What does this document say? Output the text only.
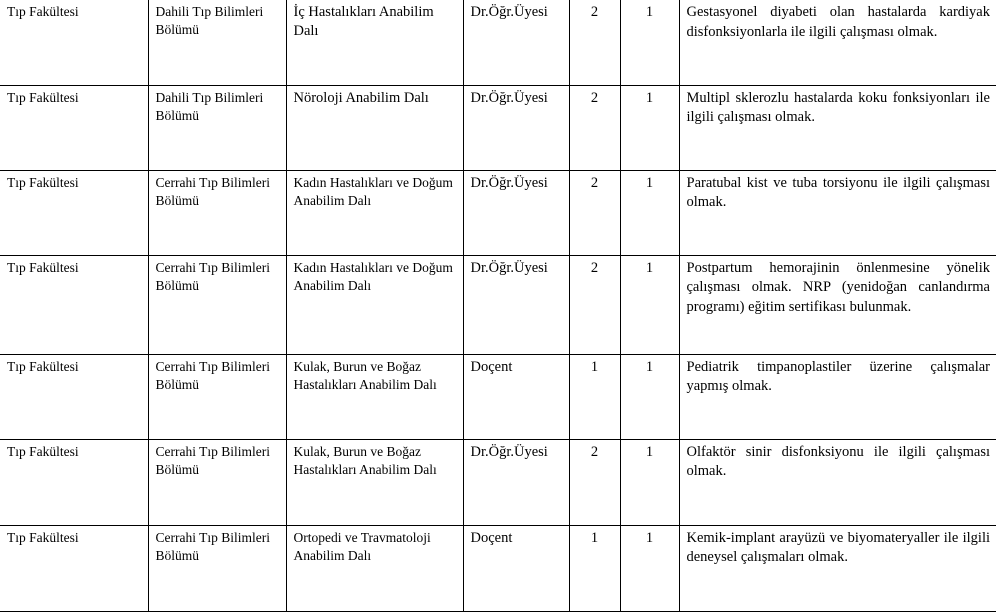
Tıp Fakültesi	Dahili Tıp Bilimleri Bölümü	İç Hastalıkları Anabilim Dalı	Dr.Öğr.Üyesi	2	1	Gestasyonel diyabeti olan hastalarda kardiyak disfonksiyonlarla ile ilgili çalışması olmak.
Tıp Fakültesi	Dahili Tıp Bilimleri Bölümü	Nöroloji Anabilim Dalı	Dr.Öğr.Üyesi	2	1	Multipl sklerozlu hastalarda koku fonksiyonları ile ilgili çalışması olmak.
Tıp Fakültesi	Cerrahi Tıp Bilimleri Bölümü	Kadın Hastalıkları ve Doğum Anabilim Dalı	Dr.Öğr.Üyesi	2	1	Paratubal kist ve tuba torsiyonu ile ilgili çalışması olmak.
Tıp Fakültesi	Cerrahi Tıp Bilimleri Bölümü	Kadın Hastalıkları ve Doğum Anabilim Dalı	Dr.Öğr.Üyesi	2	1	Postpartum hemorajinin önlenmesine yönelik çalışması olmak. NRP (yenidoğan canlandırma programı) eğitim sertifikası bulunmak.
Tıp Fakültesi	Cerrahi Tıp Bilimleri Bölümü	Kulak, Burun ve Boğaz Hastalıkları Anabilim Dalı	Doçent	1	1	Pediatrik timpanoplastiler üzerine çalışmalar yapmış olmak.
Tıp Fakültesi	Cerrahi Tıp Bilimleri Bölümü	Kulak, Burun ve Boğaz Hastalıkları Anabilim Dalı	Dr.Öğr.Üyesi	2	1	Olfaktör sinir disfonksiyonu ile ilgili çalışması olmak.
Tıp Fakültesi	Cerrahi Tıp Bilimleri Bölümü	Ortopedi ve Travmatoloji Anabilim Dalı	Doçent	1	1	Kemik-implant arayüzü ve biyomateryaller ile ilgili deneysel çalışmaları olmak.
